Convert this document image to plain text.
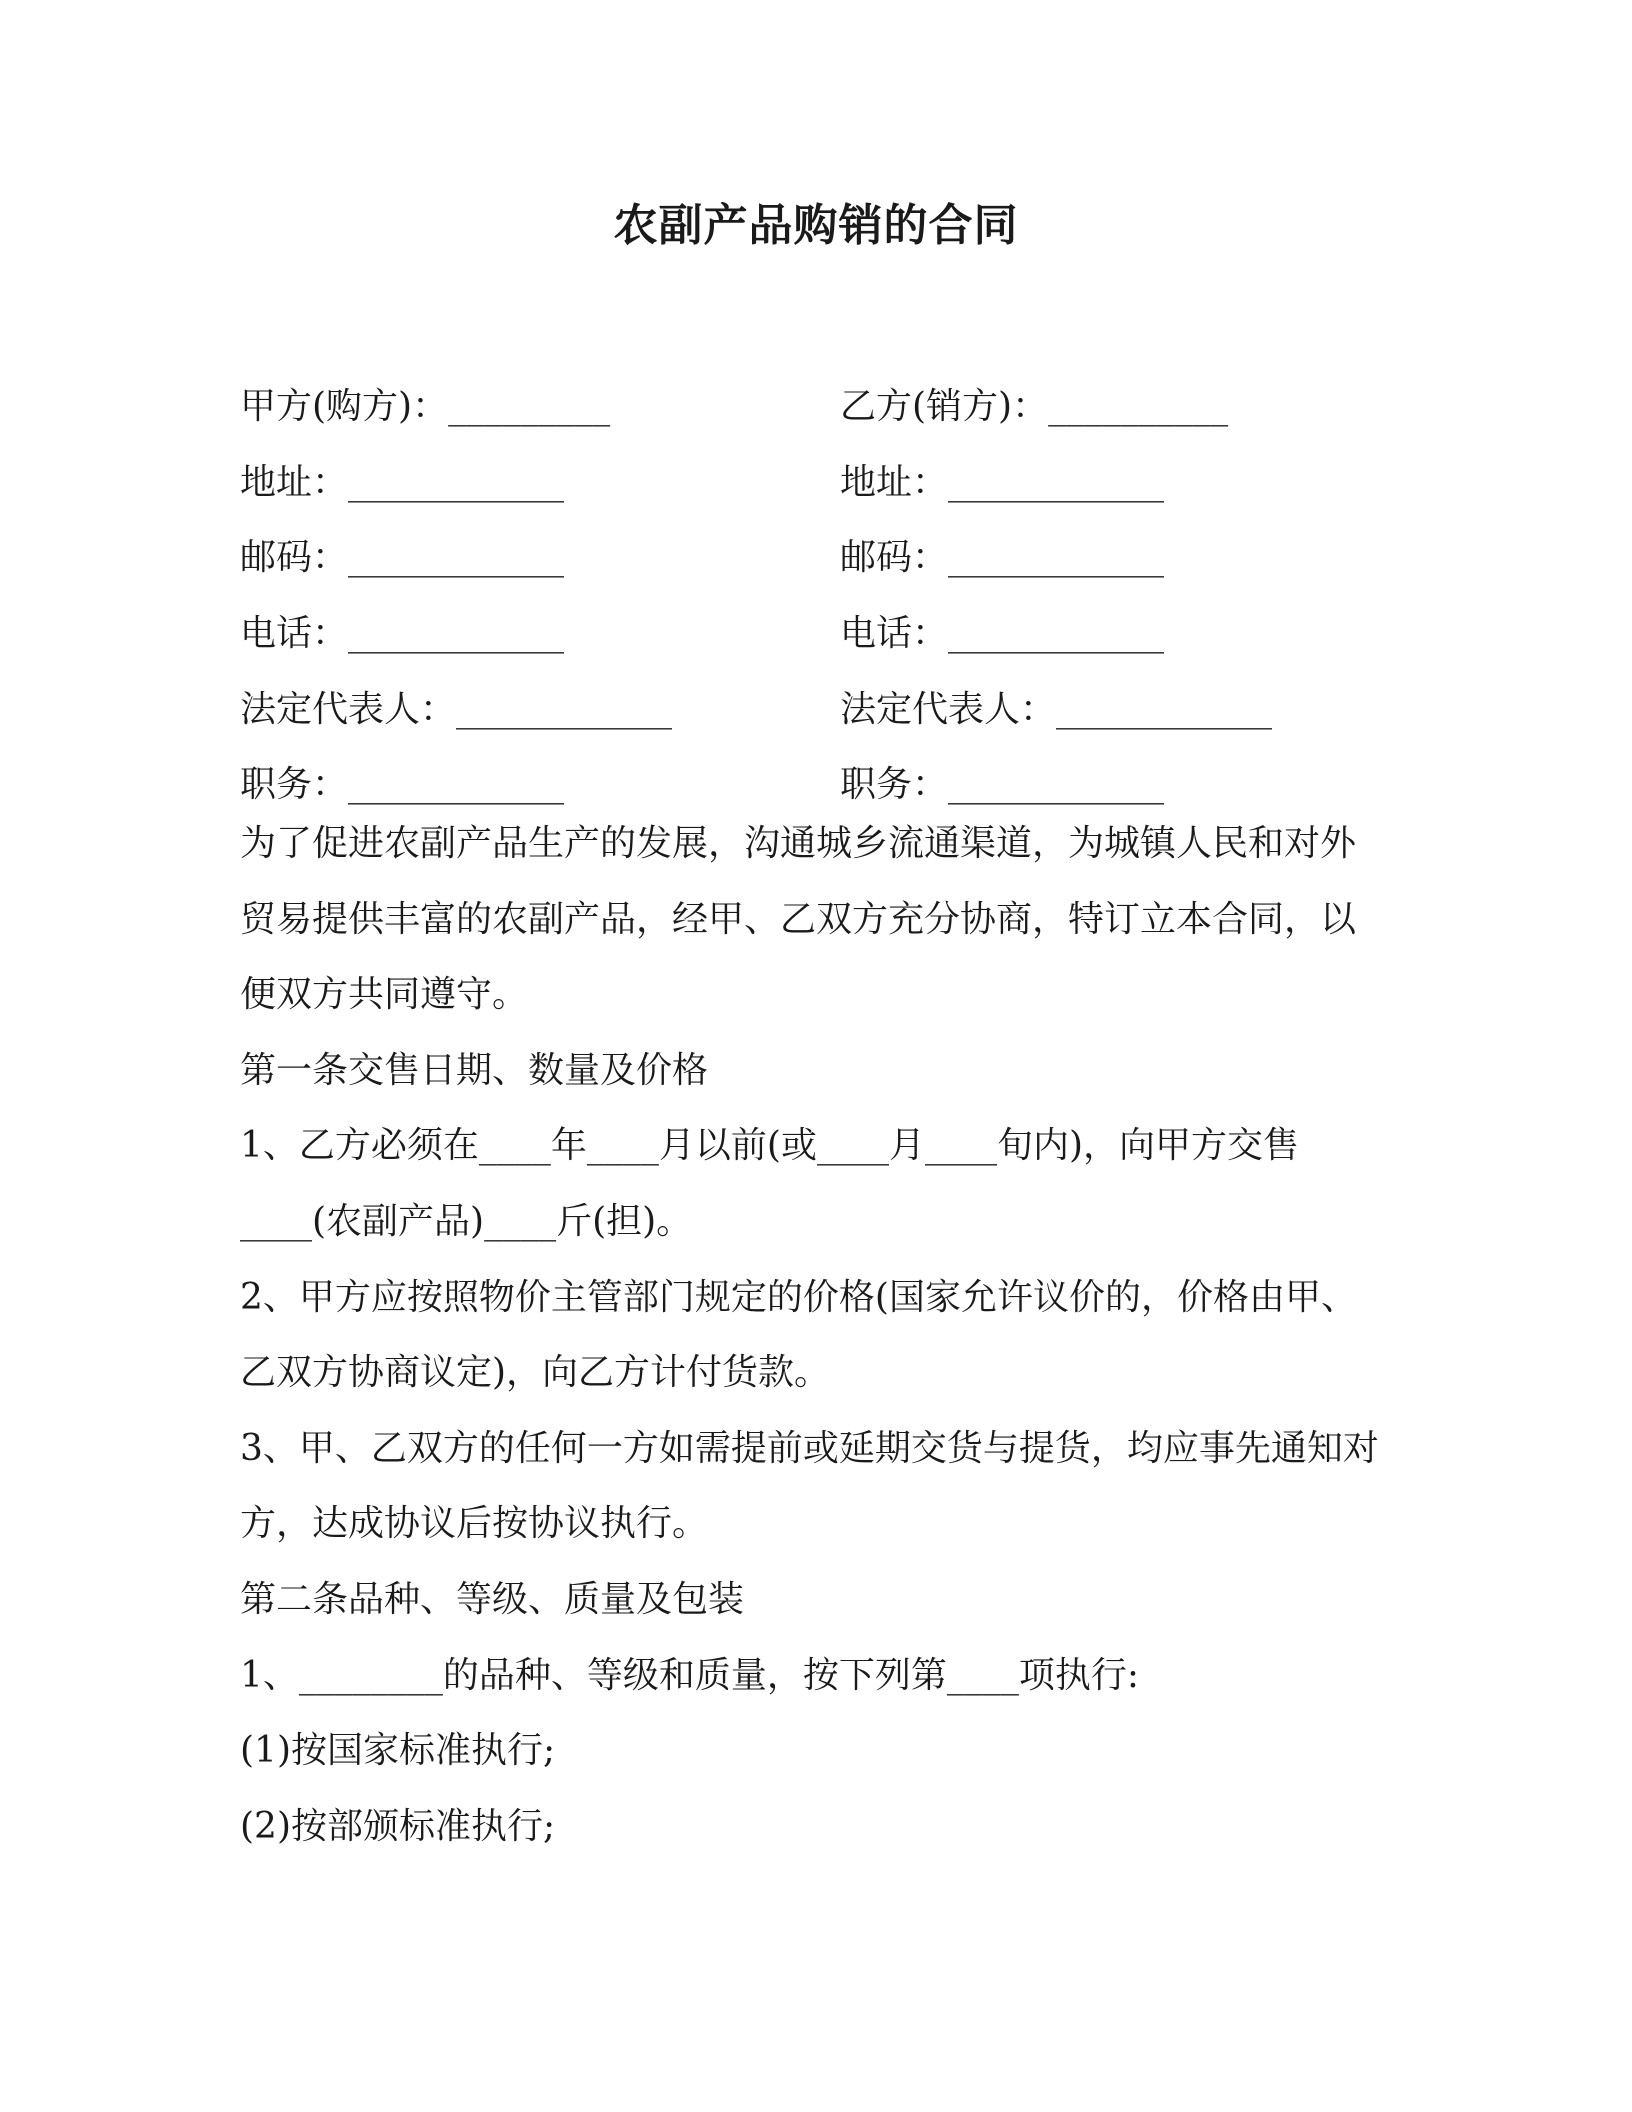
农副产品购销的合同
甲方(购方)：_________	乙方(销方)：__________
地址：____________	地址：____________
邮码：____________	邮码：____________
电话：____________	电话：____________
法定代表人：____________	法定代表人：____________
职务：____________	职务：____________

为了促进农副产品生产的发展，沟通城乡流通渠道，为城镇人民和对外贸易提供丰富的农副产品，经甲、乙双方充分协商，特订立本合同，以便双方共同遵守。

第一条交售日期、数量及价格

1、乙方必须在____年____月以前(或____月____旬内)，向甲方交售____(农副产品)____斤(担)。

2、甲方应按照物价主管部门规定的价格(国家允许议价的，价格由甲、乙双方协商议定)，向乙方计付货款。

3、甲、乙双方的任何一方如需提前或延期交货与提货，均应事先通知对方，达成协议后按协议执行。

第二条品种、等级、质量及包装

1、________的品种、等级和质量，按下列第____项执行:

(1)按国家标准执行;

(2)按部颁标准执行;
